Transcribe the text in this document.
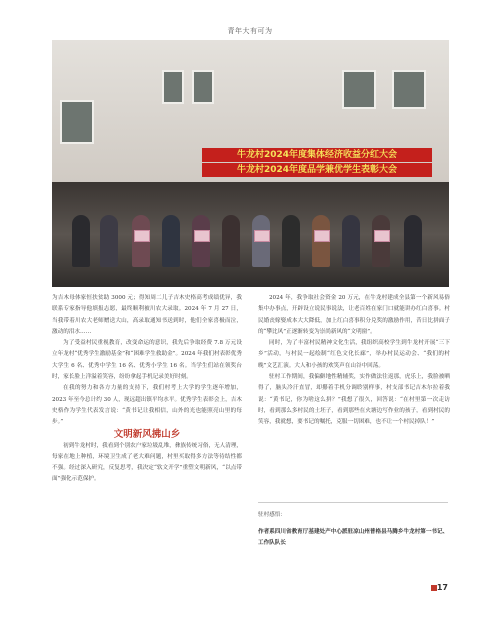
青年大有可为
牛龙村2024年度集体经济收益分红大会
牛龙村2024年度品学兼优学生表彰大会

为吉木母体家恒扶贫助 3000 元；得知周二儿子吉木史格高考成绩优异，我联系专家指导他填报志愿，最终顺利被川农大录取。2024 年 7 月 27 日，当我带着川农大老师赠送大山，高录取通知书送到时，他们全家喜极而泣，激动的泪水……

为了受益村民重视教育，改变命运的意识，我先后争取经费 7.8 万元设立年龙村“优秀学生激励基金”和“困难学生救助金”。2024 年我们村表彰优秀大学生 6 名、优秀中学生 16 名、优秀小学生 16 名。当学生们站在领奖台时，家长脸上洋溢着笑容，纷纷拿起手机记录美好时刻。

在我的努力和各方力量的支持下，我们村考上大学的学生逐年增加，2023 年至今总计约 30 人，现远超出镇平均水平。优秀学生表彰会上，吉木史格作为学生代表发言说：“黄书记让我相信，山外的光也能照亮山里的每步。”

文明新风拂山乡

初到牛龙村时，我看到个别农户家垃圾乱堆，彝族传统习俗，无人清理，每家在地上种植，环境卫生成了老大难问题，村里买取得多方法等待结性都不强。经过深入研究，反复思考，我决定“软文开学”重塑文明新风，“以点带面”强化示范保护。

2024 年，我争取社会资金 20 万元，在牛龙村建成全县第一个新风易俗集中办事点，开辟设立说民事说法，让老百姓在家门口就能讲办红白喜事。村民婚丧嫁娶成本大大降低，加上红白喜事积分兑奖的激励作用，昔日比拼面子的“攀比风”正逐渐转变为崇尚新风的“文明窗”。

同时，为了丰富村民精神文化生活，我组织高校学生到牛龙村开展“三下乡”活动，与村民一起绘制“红色文化长廊”，举办村民运动会、“我们的村晚”文艺汇演。大人和小孩的欢笑声在山谷中回荡。

驻村工作期间，我偏僻地性精辅奖，实作做法往返那，虎乐上，我脸被晒得了，脑头冷汗直冒，却攥着手机分调聆别样事，村支部书记吉木尔拉着我说：“黄书记，你为啥这么拼？”我想了很久，回答说：“在村里第一次走访时，看到那么多村民的土坯子，看到那些在火塘边写作业的孩子，看到村民的笑容，我就想，要书记的嘱托，克服一切困难，也不让一个村民掉队！”

驻村感悟：
作者系四川省教育厅基建处产中心派驻凉山州普格县马腾乡牛龙村第一书记、工作队队长
17
